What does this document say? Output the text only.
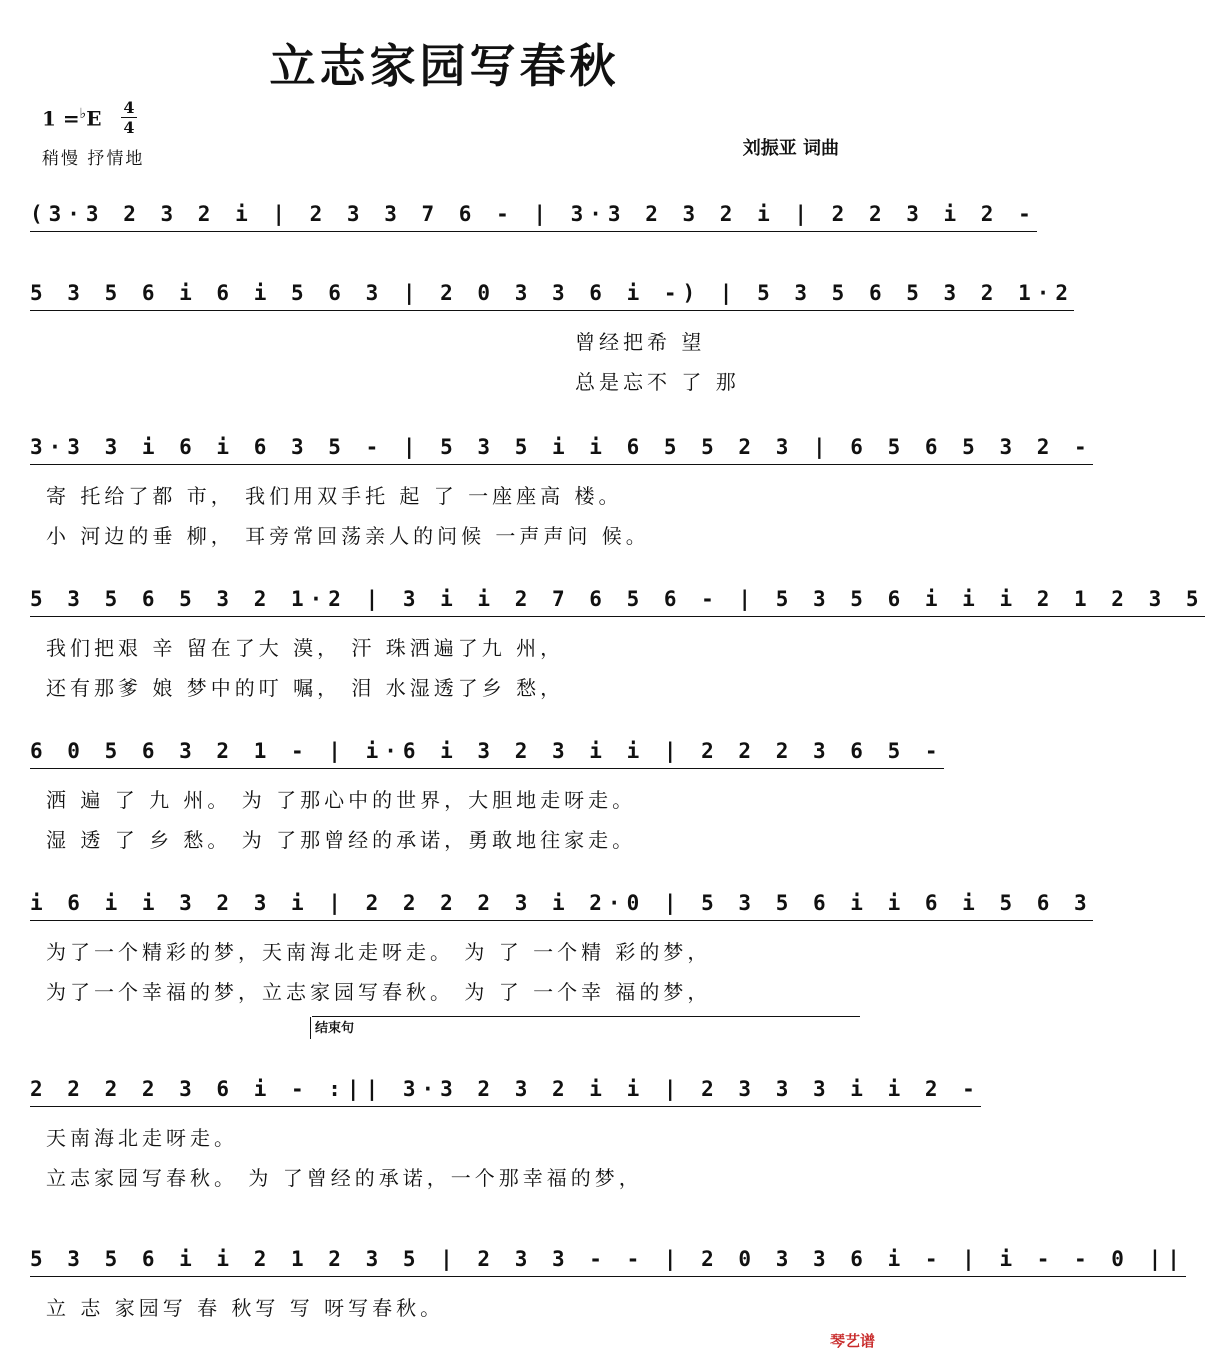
立志家园写春秋
1 =♭E	4
4
稍慢 抒情地	刘振亚 词曲
(3·3 2 3 2 i | 2 3 3 7 6 - | 3·3 2 3 2 i | 2 2 3 i 2 -
5 3 5 6 i 6 i 5 6 3 | 2 0 3 3 6 i -) | 5 3 5 6 5 3 2 1·2
曾经把希 望
总是忘不 了 那
3·3 3 i 6 i 6 3 5 - | 5 3 5 i i 6 5 5 2 3 | 6 5 6 5 3 2 -
寄 托给了都 市， 我们用双手托 起 了 一座座高 楼。
小 河边的垂 柳， 耳旁常回荡亲人的问候 一声声问 候。
5 3 5 6 5 3 2 1·2 | 3 i i 2 7 6 5 6 - | 5 3 5 6 i i i 2 1 2 3 5
我们把艰 辛 留在了大 漠， 汗 珠洒遍了九 州，
还有那爹 娘 梦中的叮 嘱， 泪 水湿透了乡 愁，
6 0 5 6 3 2 1 - | i·6 i 3 2 3 i i | 2 2 2 3 6 5 -
洒 遍 了 九 州。 为 了那心中的世界，大胆地走呀走。
湿 透 了 乡 愁。 为 了那曾经的承诺，勇敢地往家走。
i 6 i i 3 2 3 i | 2 2 2 2 3 i 2·0 | 5 3 5 6 i i 6 i 5 6 3
为了一个精彩的梦，天南海北走呀走。 为 了 一个精 彩的梦，
为了一个幸福的梦，立志家园写春秋。 为 了 一个幸 福的梦，
结束句
2 2 2 2 3 6 i - :|| 3·3 2 3 2 i i | 2 3 3 3 i i 2 -
天南海北走呀走。
立志家园写春秋。 为 了曾经的承诺，一个那幸福的梦，
5 3 5 6 i i 2 1 2 3 5 | 2 3 3 - - | 2 0 3 3 6 i - | i - - 0 ||
立 志 家园写 春 秋写 写 呀写春秋。
琴艺谱
